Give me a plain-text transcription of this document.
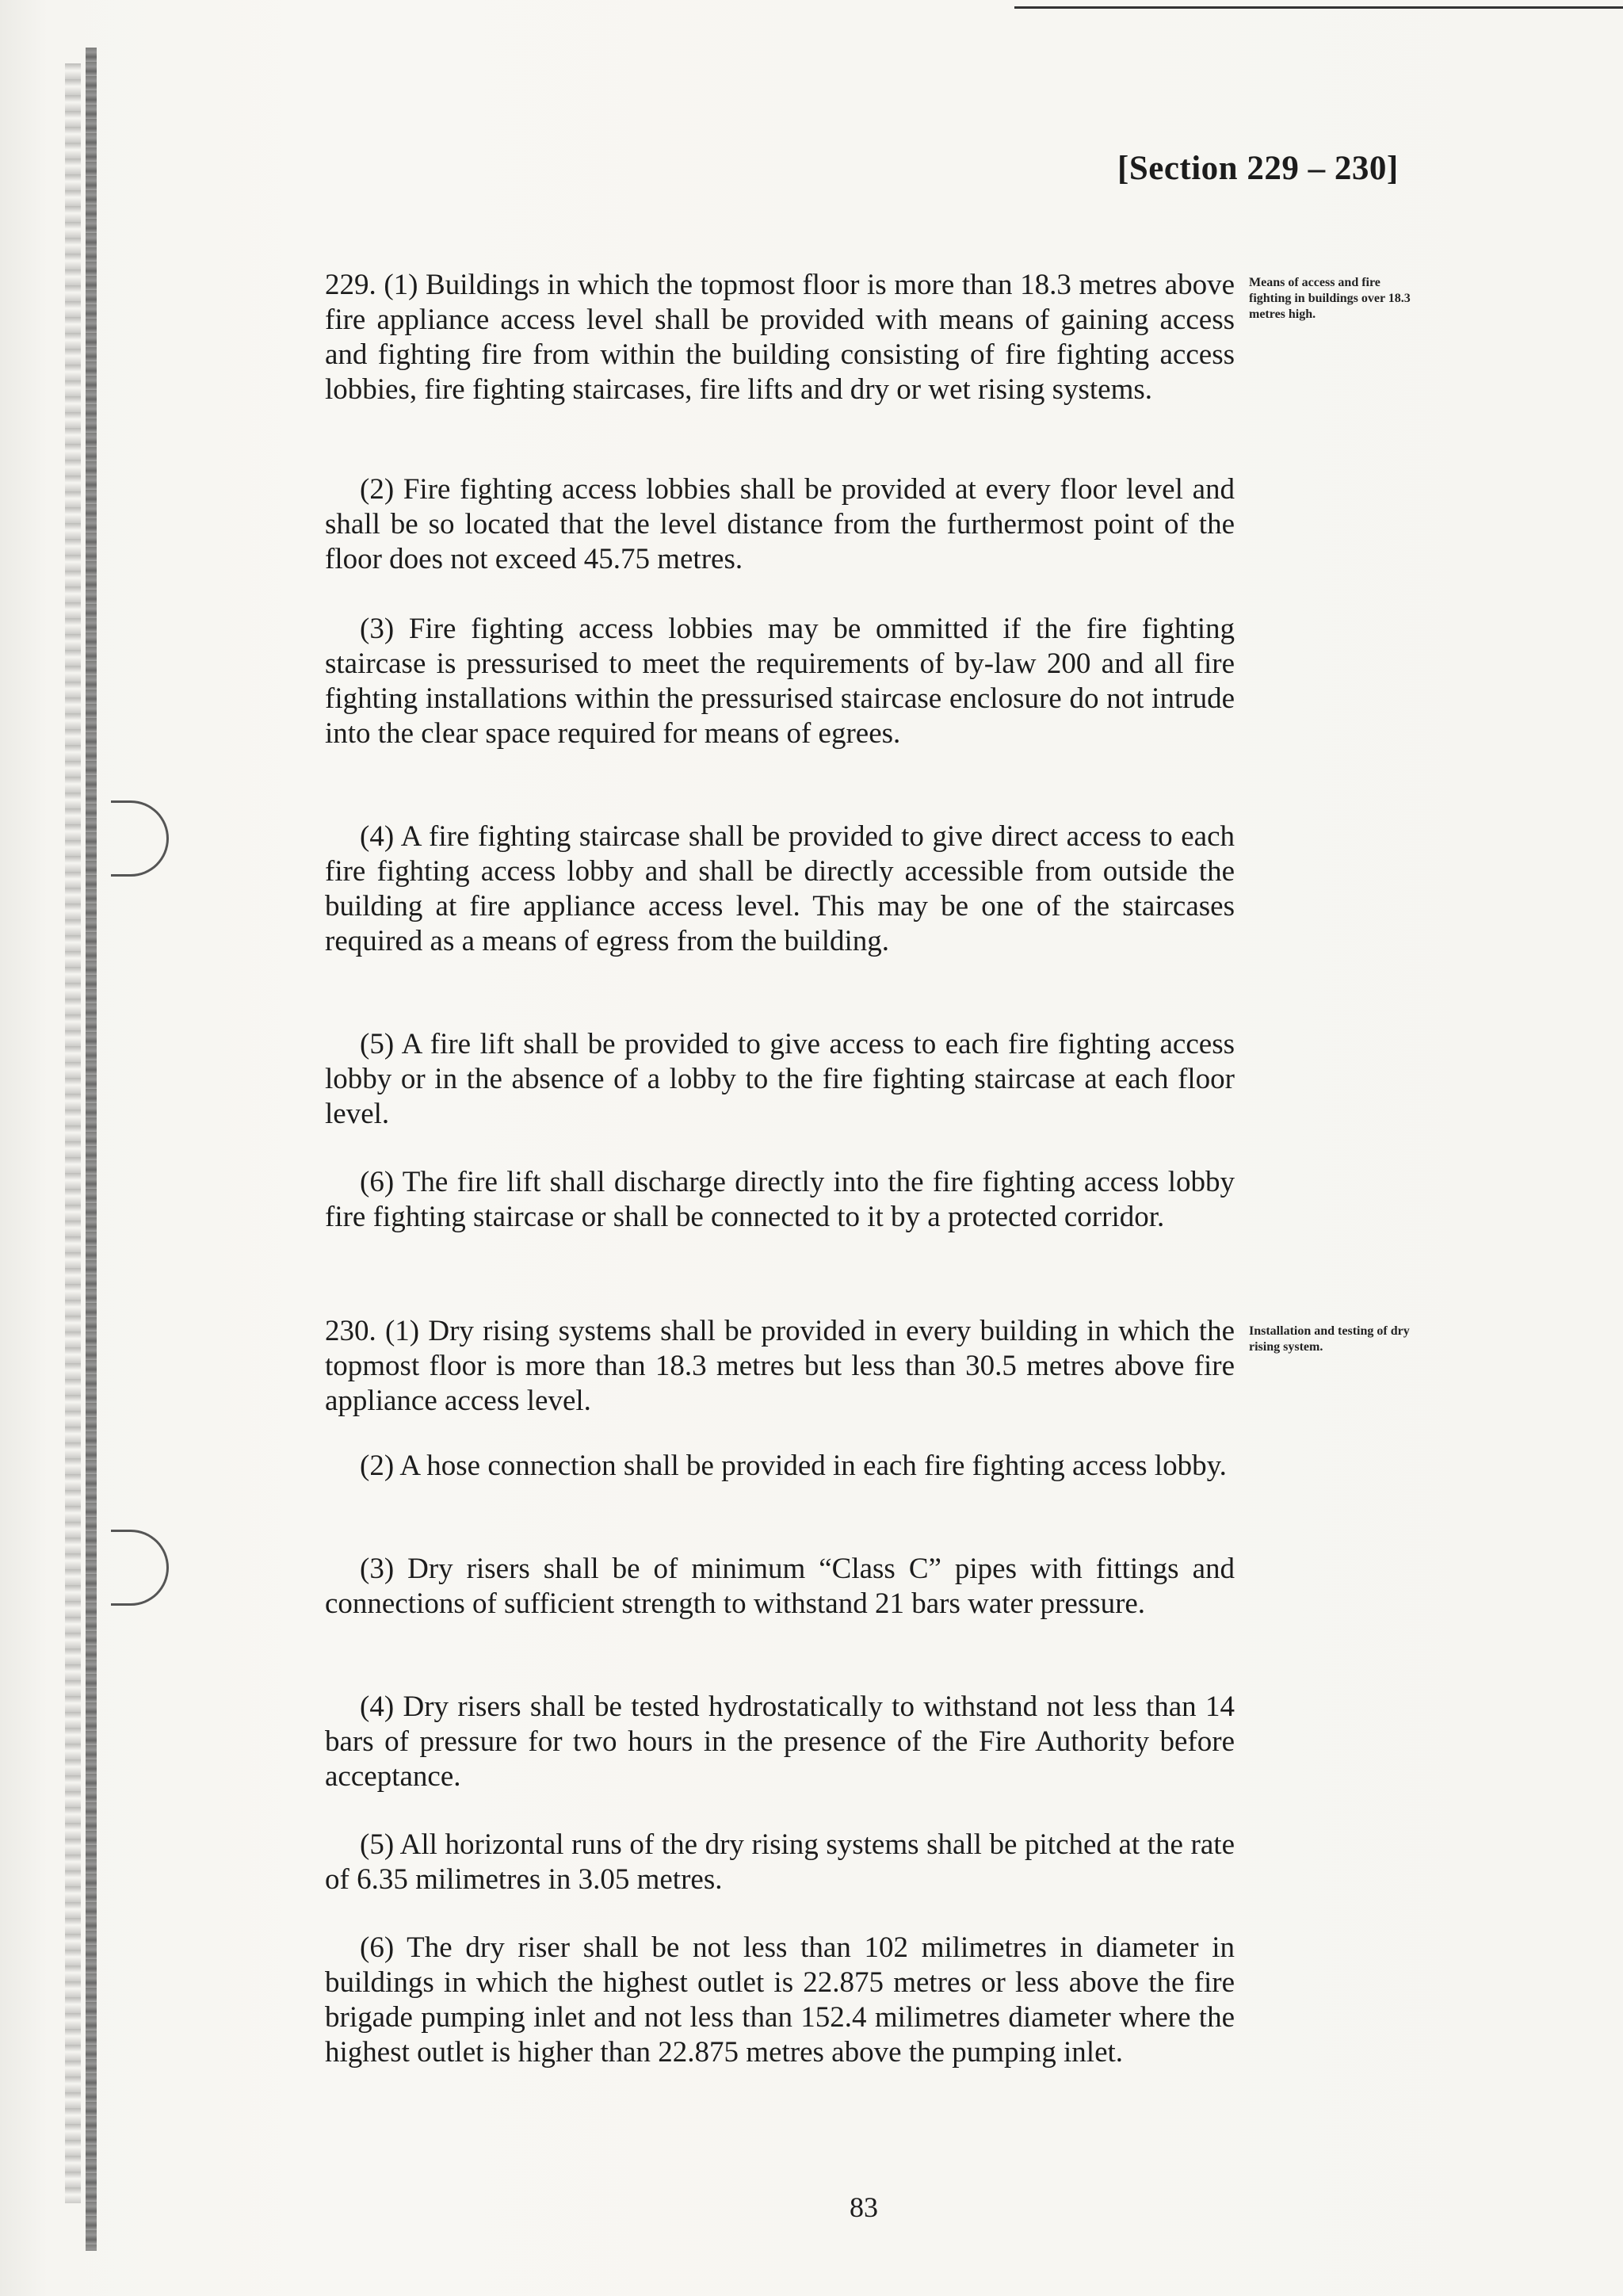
[Section 229 – 230]
229. (1) Buildings in which the topmost floor is more than 18.3 metres above fire appliance access level shall be provided with means of gaining access and fighting fire from within the building consisting of fire fighting access lobbies, fire fighting staircases, fire lifts and dry or wet rising systems.
Means of access and fire fighting in buildings over 18.3 metres high.
(2) Fire fighting access lobbies shall be provided at every floor level and shall be so located that the level distance from the furthermost point of the floor does not exceed 45.75 metres.
(3) Fire fighting access lobbies may be ommitted if the fire fighting staircase is pressurised to meet the requirements of by-law 200 and all fire fighting installations within the pressurised staircase enclosure do not intrude into the clear space required for means of egrees.
(4) A fire fighting staircase shall be provided to give direct access to each fire fighting access lobby and shall be directly accessible from outside the building at fire appliance access level. This may be one of the staircases required as a means of egress from the building.
(5) A fire lift shall be provided to give access to each fire fighting access lobby or in the absence of a lobby to the fire fighting staircase at each floor level.
(6) The fire lift shall discharge directly into the fire fighting access lobby fire fighting staircase or shall be connected to it by a protected corridor.
230. (1) Dry rising systems shall be provided in every building in which the topmost floor is more than 18.3 metres but less than 30.5 metres above fire appliance access level.
Installation and testing of dry rising system.
(2) A hose connection shall be provided in each fire fighting access lobby.
(3) Dry risers shall be of minimum “Class C” pipes with fittings and connections of sufficient strength to withstand 21 bars water pressure.
(4) Dry risers shall be tested hydrostatically to withstand not less than 14 bars of pressure for two hours in the presence of the Fire Authority before acceptance.
(5) All horizontal runs of the dry rising systems shall be pitched at the rate of 6.35 milimetres in 3.05 metres.
(6) The dry riser shall be not less than 102 milimetres in diameter in buildings in which the highest outlet is 22.875 metres or less above the fire brigade pumping inlet and not less than 152.4 milimetres diameter where the highest outlet is higher than 22.875 metres above the pumping inlet.
83
